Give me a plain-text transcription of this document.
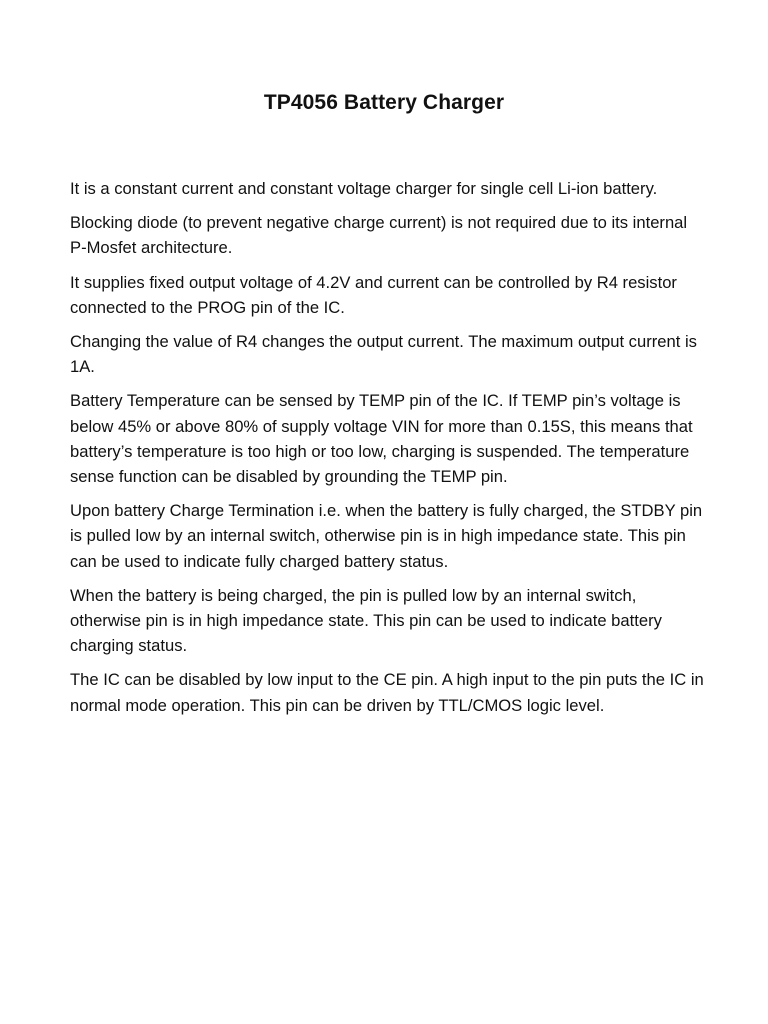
TP4056 Battery Charger

It is a constant current and constant voltage charger for single cell Li-ion battery.

Blocking diode (to prevent negative charge current) is not required due to its internal P-Mosfet architecture.

It supplies fixed output voltage of 4.2V and current can be controlled by R4 resistor connected to the PROG pin of the IC.

Changing the value of R4 changes the output current. The maximum output current is 1A.

Battery Temperature can be sensed by TEMP pin of the IC. If TEMP pin’s voltage is below 45% or above 80% of supply voltage VIN for more than 0.15S, this means that battery’s temperature is too high or too low, charging is suspended. The temperature sense function can be disabled by grounding the TEMP pin.

Upon battery Charge Termination i.e. when the battery is fully charged, the STDBY pin is pulled low by an internal switch, otherwise pin is in high impedance state. This pin can be used to indicate fully charged battery status.

When the battery is being charged, the pin is pulled low by an internal switch, otherwise pin is in high impedance state. This pin can be used to indicate battery charging status.

The IC can be disabled by low input to the CE pin. A high input to the pin puts the IC in normal mode operation. This pin can be driven by TTL/CMOS logic level.
